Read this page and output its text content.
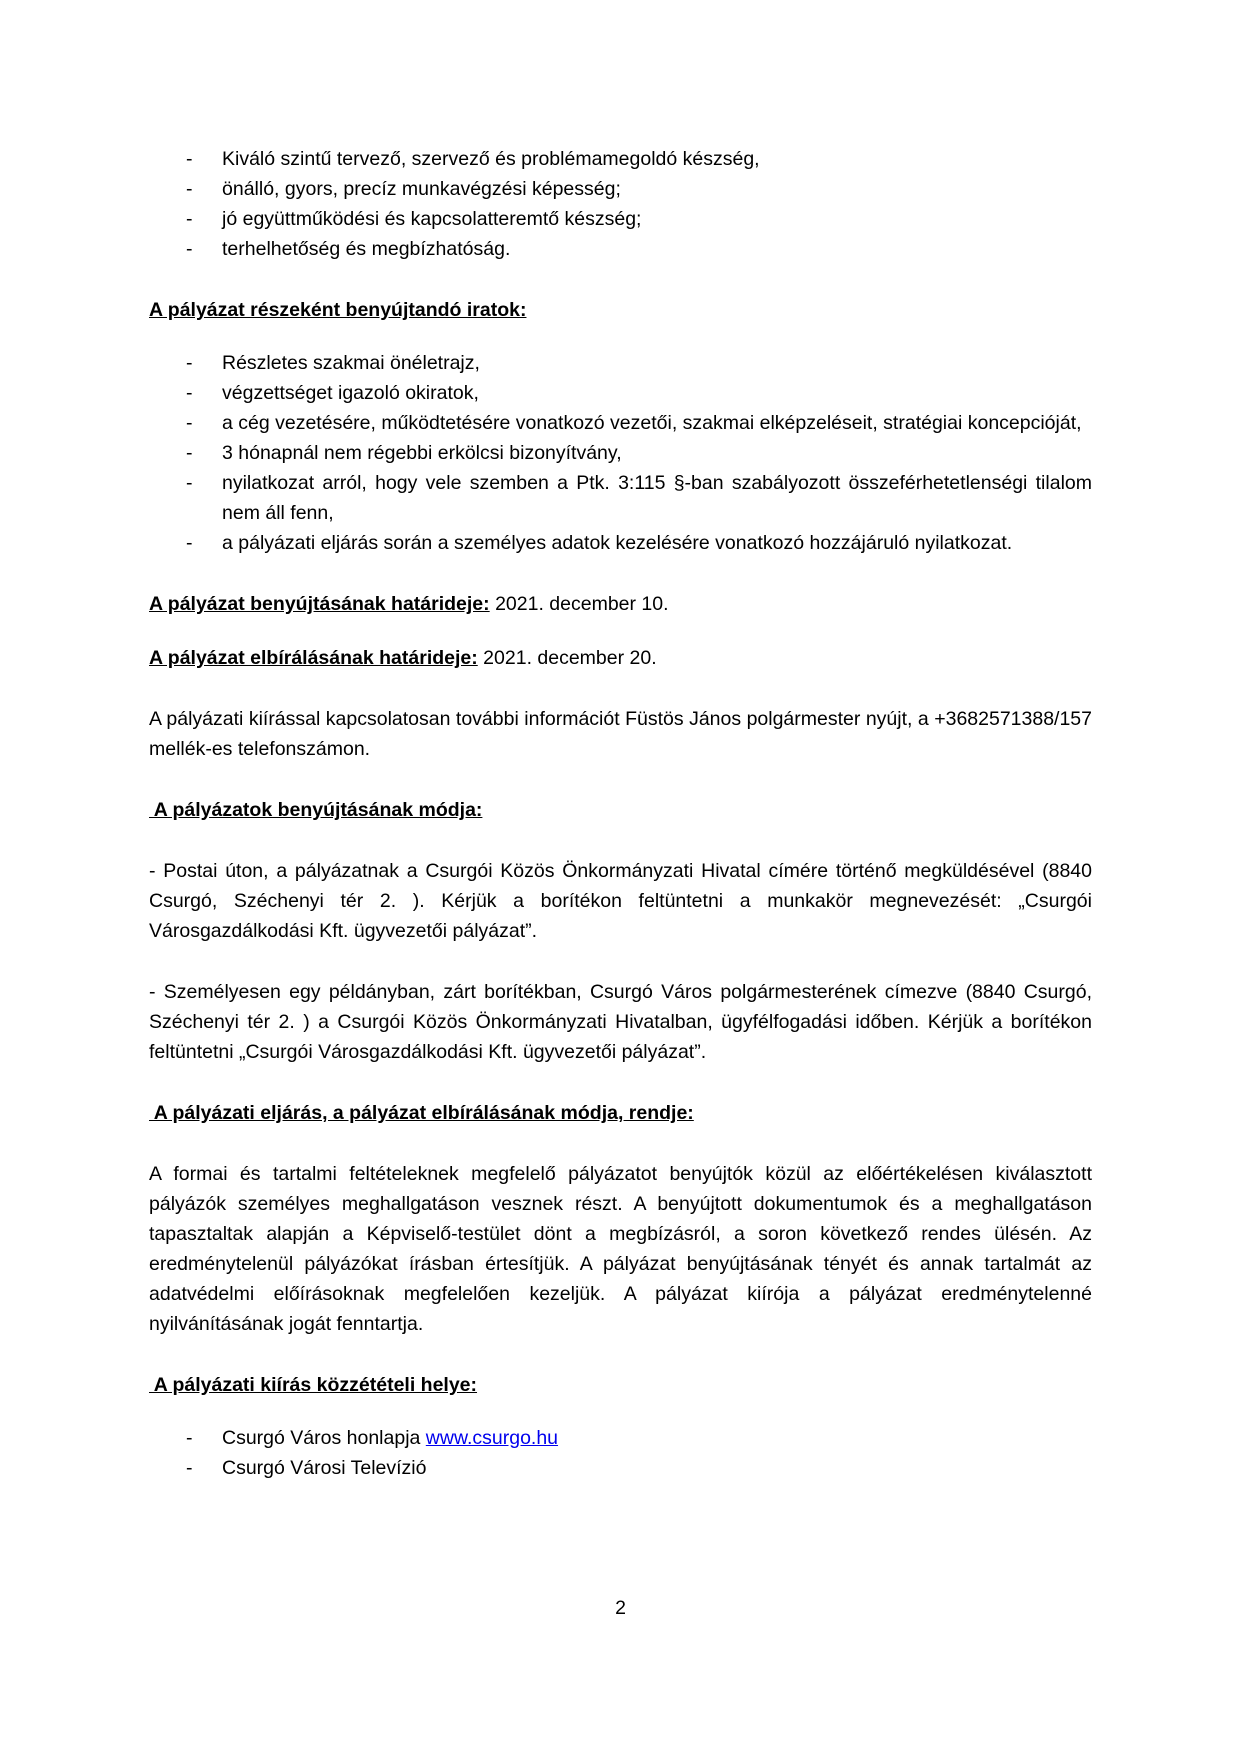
- Kiváló szintű tervező, szervező és problémamegoldó készség,
- önálló, gyors, precíz munkavégzési képesség;
- jó együttműködési és kapcsolatteremtő készség;
- terhelhetőség és megbízhatóság.
A pályázat részeként benyújtandó iratok:
- Részletes szakmai önéletrajz,
- végzettséget igazoló okiratok,
- a cég vezetésére, működtetésére vonatkozó vezetői, szakmai elképzeléseit, stratégiai koncepcióját,
- 3 hónapnál nem régebbi erkölcsi bizonyítvány,
- nyilatkozat arról, hogy vele szemben a Ptk. 3:115 §-ban szabályozott összeférhetetlenségi tilalom nem áll fenn,
- a pályázati eljárás során a személyes adatok kezelésére vonatkozó hozzájáruló nyilatkozat.

A pályázat benyújtásának határideje: 2021. december 10.

A pályázat elbírálásának határideje: 2021. december 20.

A pályázati kiírással kapcsolatosan további információt Füstös János polgármester nyújt, a +3682571388/157 mellék-es telefonszámon.

A pályázatok benyújtásának módja:

- Postai úton, a pályázatnak a Csurgói Közös Önkormányzati Hivatal címére történő megküldésével (8840 Csurgó, Széchenyi tér 2. ). Kérjük a borítékon feltüntetni a munkakör megnevezését: „Csurgói Városgazdálkodási Kft. ügyvezetői pályázat”.

- Személyesen egy példányban, zárt borítékban, Csurgó Város polgármesterének címezve (8840 Csurgó, Széchenyi tér 2. ) a Csurgói Közös Önkormányzati Hivatalban, ügyfélfogadási időben. Kérjük a borítékon feltüntetni „Csurgói Városgazdálkodási Kft. ügyvezetői pályázat”.

A pályázati eljárás, a pályázat elbírálásának módja, rendje:

A formai és tartalmi feltételeknek megfelelő pályázatot benyújtók közül az előértékelésen kiválasztott pályázók személyes meghallgatáson vesznek részt. A benyújtott dokumentumok és a meghallgatáson tapasztaltak alapján a Képviselő-testület dönt a megbízásról, a soron következő rendes ülésén. Az eredménytelenül pályázókat írásban értesítjük. A pályázat benyújtásának tényét és annak tartalmát az adatvédelmi előírásoknak megfelelően kezeljük. A pályázat kiírója a pályázat eredménytelenné nyilvánításának jogát fenntartja.

A pályázati kiírás közzétételi helye:
- Csurgó Város honlapja www.csurgo.hu
- Csurgó Városi Televízió
2
